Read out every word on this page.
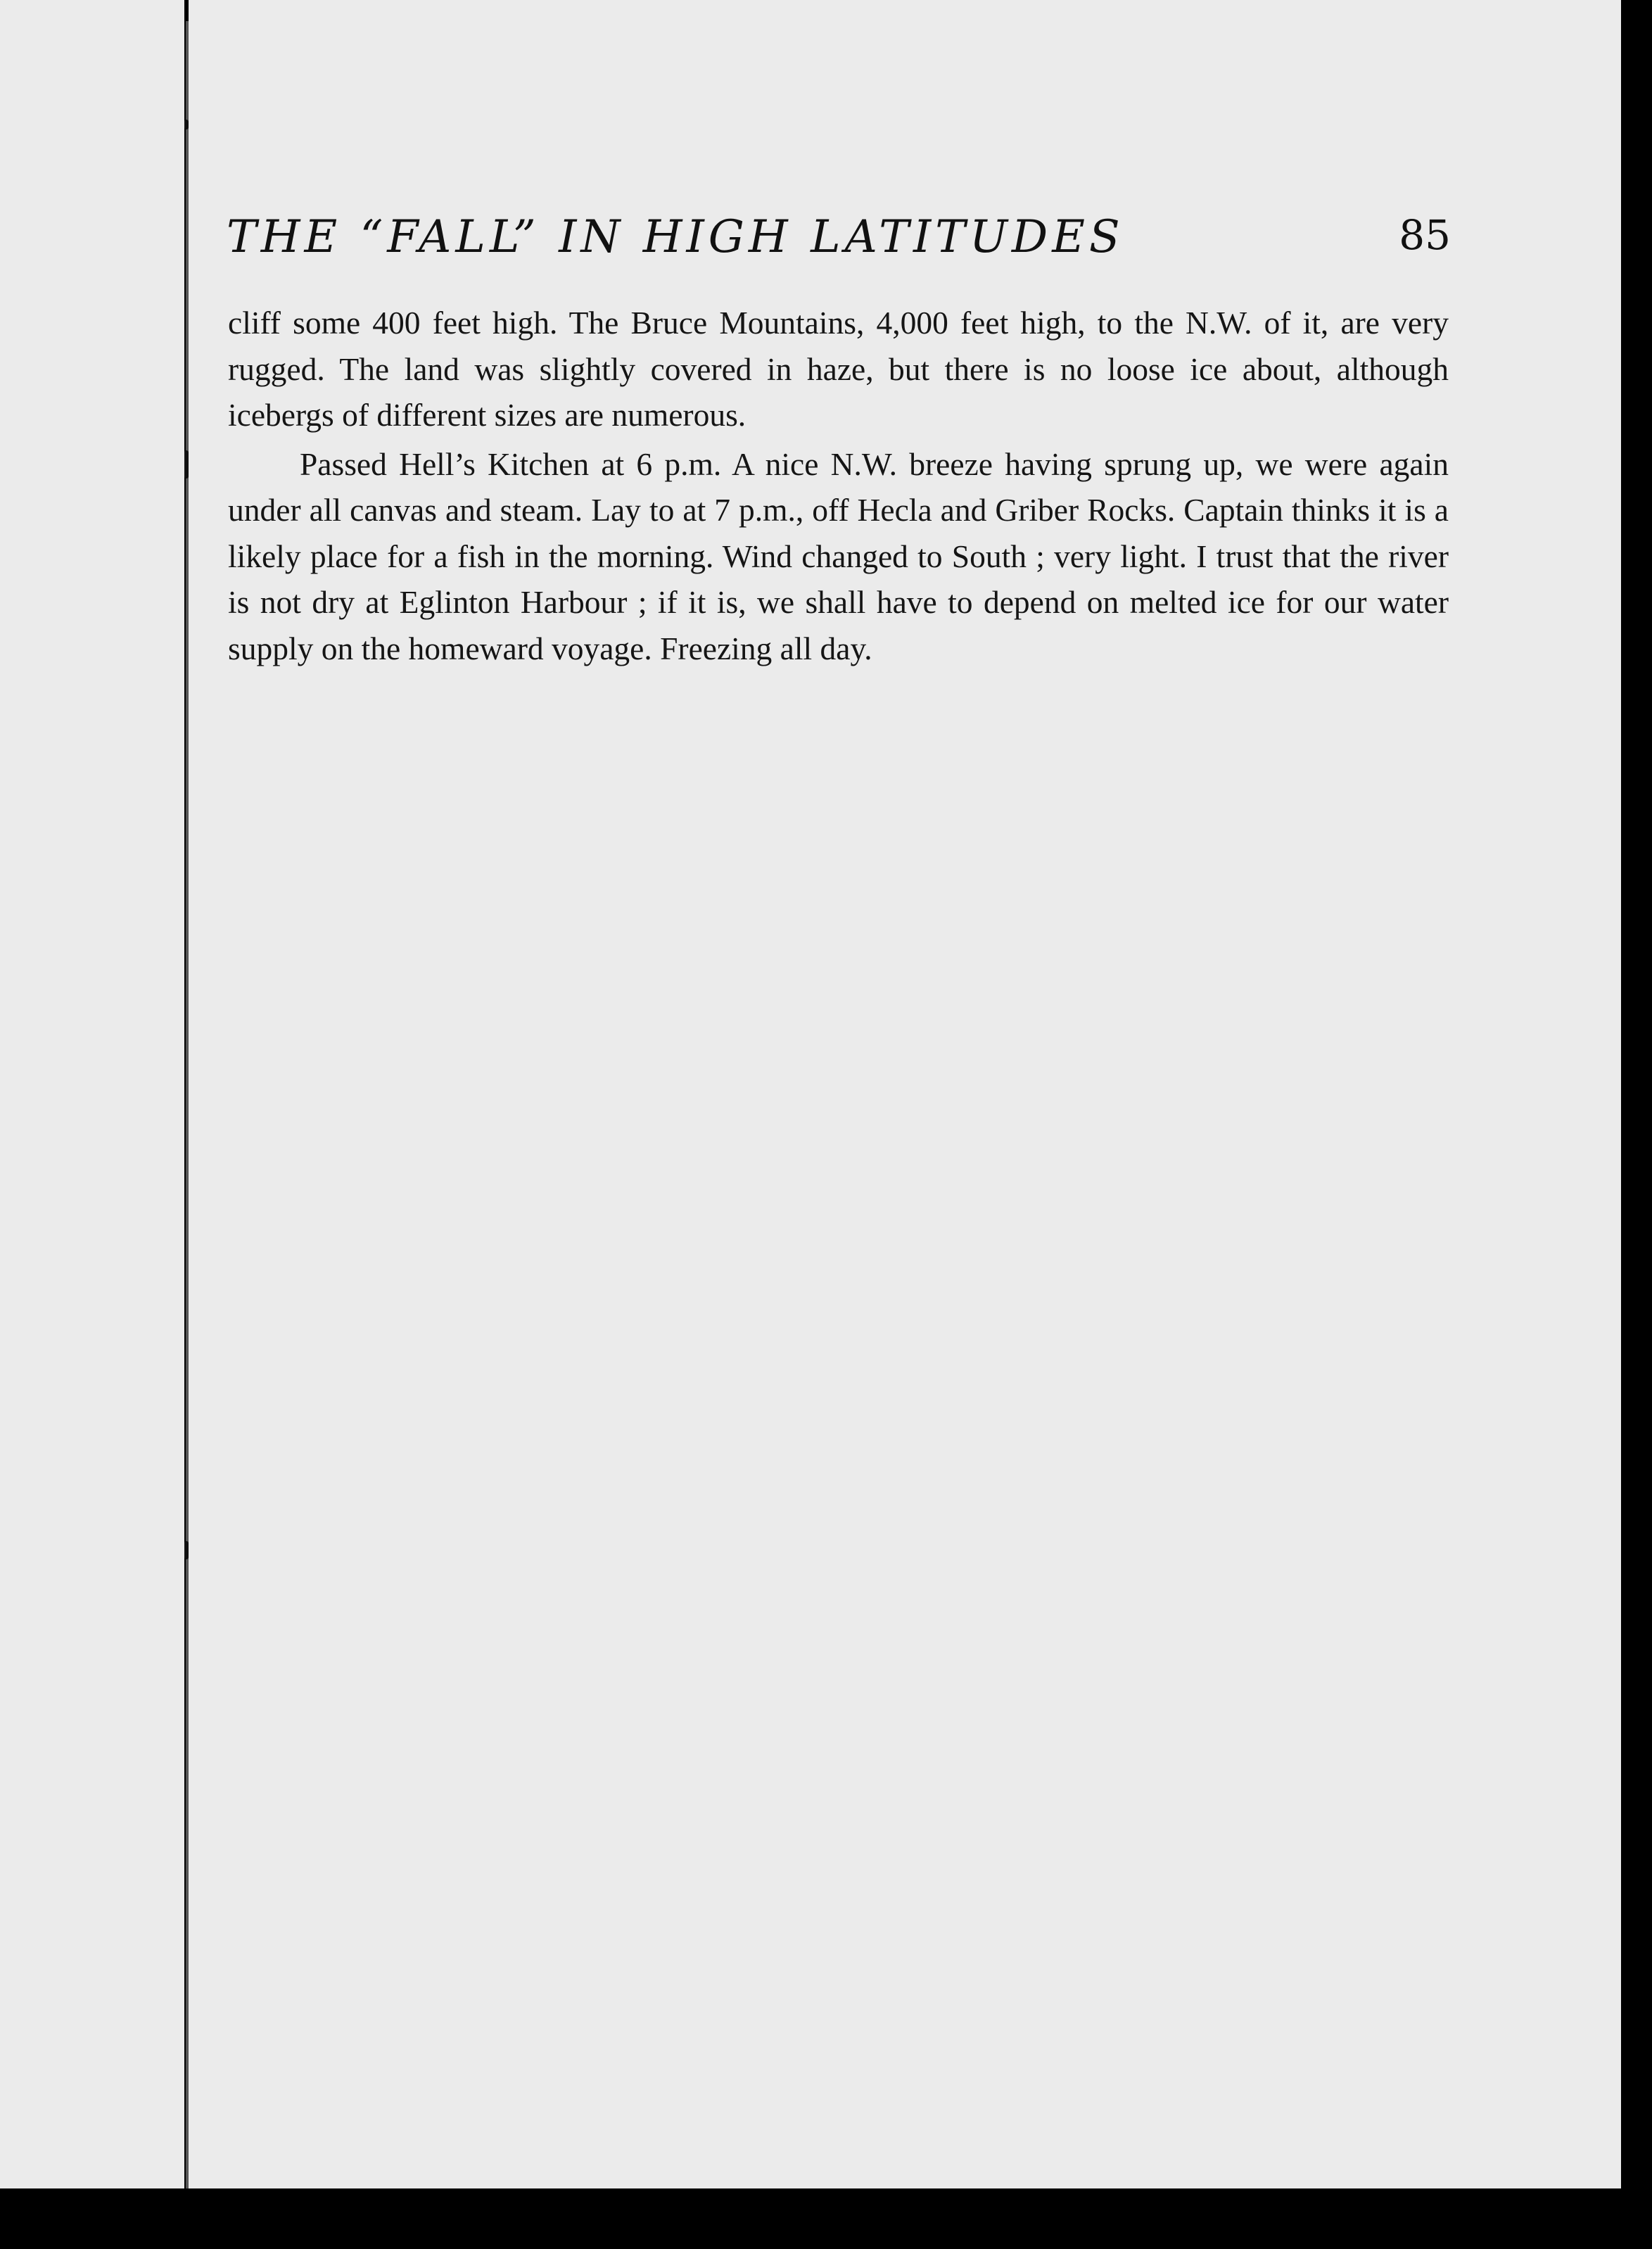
THE “FALL” IN HIGH LATITUDES	85

cliff some 400 feet high. The Bruce Mountains, 4,000 feet high, to the N.W. of it, are very rugged. The land was slightly covered in haze, but there is no loose ice about, although icebergs of different sizes are numerous.

Passed Hell’s Kitchen at 6 p.m. A nice N.W. breeze having sprung up, we were again under all canvas and steam. Lay to at 7 p.m., off Hecla and Griber Rocks. Captain thinks it is a likely place for a fish in the morning. Wind changed to South ; very light. I trust that the river is not dry at Eglinton Harbour ; if it is, we shall have to depend on melted ice for our water supply on the homeward voyage. Freezing all day.
